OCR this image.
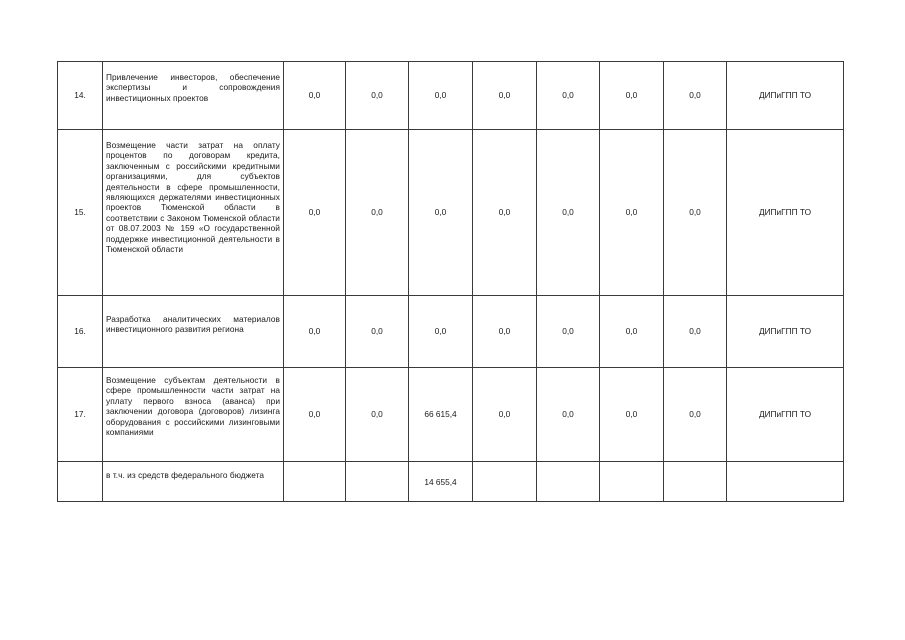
14.	Привлечение инвесторов, обеспечение экспертизы и сопровождения инвестиционных проектов	0,0	0,0	0,0	0,0	0,0	0,0	0,0	ДИПиГПП ТО
15.	Возмещение части затрат на оплату процентов по договорам кредита, заключенным с российскими кредитными организациями, для субъектов деятельности в сфере промышленности, являющихся держателями инвестиционных проектов Тюменской области в соответствии с Законом Тюменской области от 08.07.2003 № 159 «О государственной поддержке инвестиционной деятельности в Тюменской области	0,0	0,0	0,0	0,0	0,0	0,0	0,0	ДИПиГПП ТО
16.	Разработка аналитических материалов инвестиционного развития региона	0,0	0,0	0,0	0,0	0,0	0,0	0,0	ДИПиГПП ТО
17.	Возмещение субъектам деятельности в сфере промышленности части затрат на уплату первого взноса (аванса) при заключении договора (договоров) лизинга оборудования с российскими лизинговыми компаниями	0,0	0,0	66 615,4	0,0	0,0	0,0	0,0	ДИПиГПП ТО

	в т.ч. из средств федерального бюджета			14 655,4					
